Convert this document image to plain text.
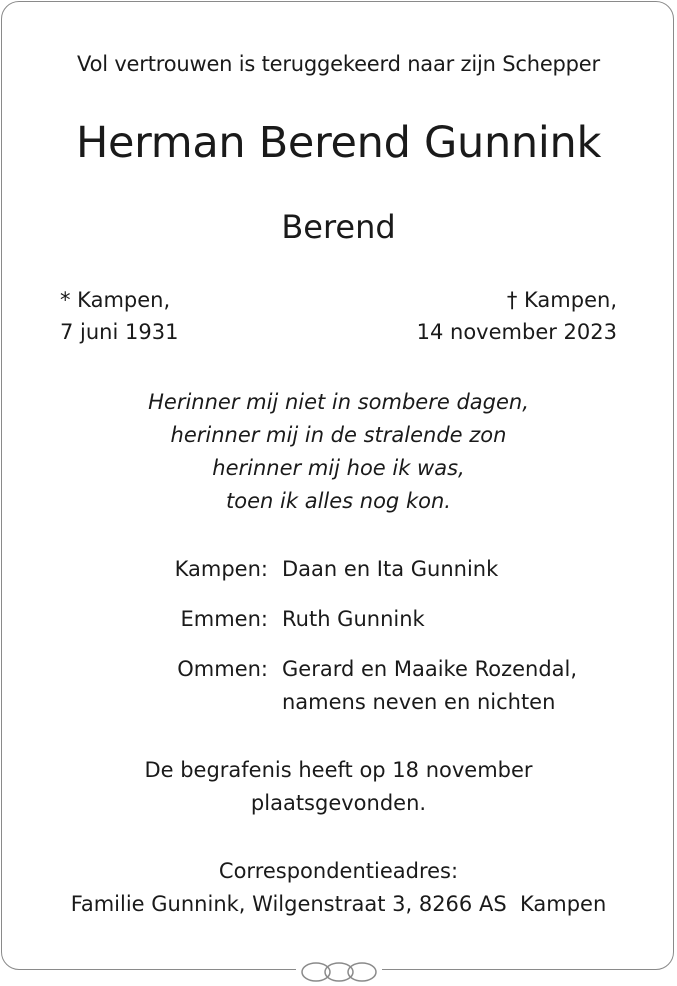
Vol vertrouwen is teruggekeerd naar zijn Schepper
Herman Berend Gunnink
Berend
* Kampen,
7 juni 1931
† Kampen,
14 november 2023
Herinner mij niet in sombere dagen,
herinner mij in de stralende zon
herinner mij hoe ik was,
toen ik alles nog kon.
Kampen: Daan en Ita Gunnink
Emmen: Ruth Gunnink
Ommen: Gerard en Maaike Rozendal,
namens neven en nichten
De begrafenis heeft op 18 november
plaatsgevonden.
Correspondentieadres:
Familie Gunnink, Wilgenstraat 3, 8266 AS  Kampen
